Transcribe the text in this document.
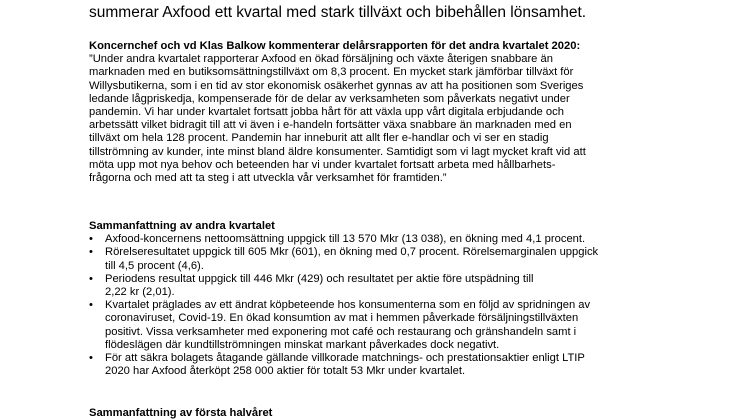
summerar Axfood ett kvartal med stark tillväxt och bibehållen lönsamhet.
Koncernchef och vd Klas Balkow kommenterar delårsrapporten för det andra kvartalet 2020:
”Under andra kvartalet rapporterar Axfood en ökad försäljning och växte återigen snabbare än
marknaden med en butiksomsättningstillväxt om 8,3 procent. En mycket stark jämförbar tillväxt för
Willysbutikerna, som i en tid av stor ekonomisk osäkerhet gynnas av att ha positionen som Sveriges
ledande lågpriskedja, kompenserade för de delar av verksamheten som påverkats negativt under
pandemin. Vi har under kvartalet fortsatt jobba hårt för att växla upp vårt digitala erbjudande och
arbetssätt vilket bidragit till att vi även i e-handeln fortsätter växa snabbare än marknaden med en
tillväxt om hela 128 procent. Pandemin har inneburit att allt fler e-handlar och vi ser en stadig
tillströmning av kunder, inte minst bland äldre konsumenter. Samtidigt som vi lagt mycket kraft vid att
möta upp mot nya behov och beteenden har vi under kvartalet fortsatt arbeta med hållbarhets-
frågorna och med att ta steg i att utveckla vår verksamhet för framtiden.”
Sammanfattning av andra kvartalet
•	Axfood-koncernens nettoomsättning uppgick till 13 570 Mkr (13 038), en ökning med 4,1 procent.
•	Rörelseresultatet uppgick till 605 Mkr (601), en ökning med 0,7 procent. Rörelsemarginalen uppgick
till 4,5 procent (4,6).
•	Periodens resultat uppgick till 446 Mkr (429) och resultatet per aktie före utspädning till
2,22 kr (2,01).
•	Kvartalet präglades av ett ändrat köpbeteende hos konsumenterna som en följd av spridningen av
coronaviruset, Covid-19. En ökad konsumtion av mat i hemmen påverkade försäljningstillväxten
positivt. Vissa verksamheter med exponering mot café och restaurang och gränshandeln samt i
flödeslägen där kundtillströmningen minskat markant påverkades dock negativt.
•	För att säkra bolagets åtagande gällande villkorade matchnings- och prestationsaktier enligt LTIP
2020 har Axfood återköpt 258 000 aktier för totalt 53 Mkr under kvartalet.
Sammanfattning av första halvåret
